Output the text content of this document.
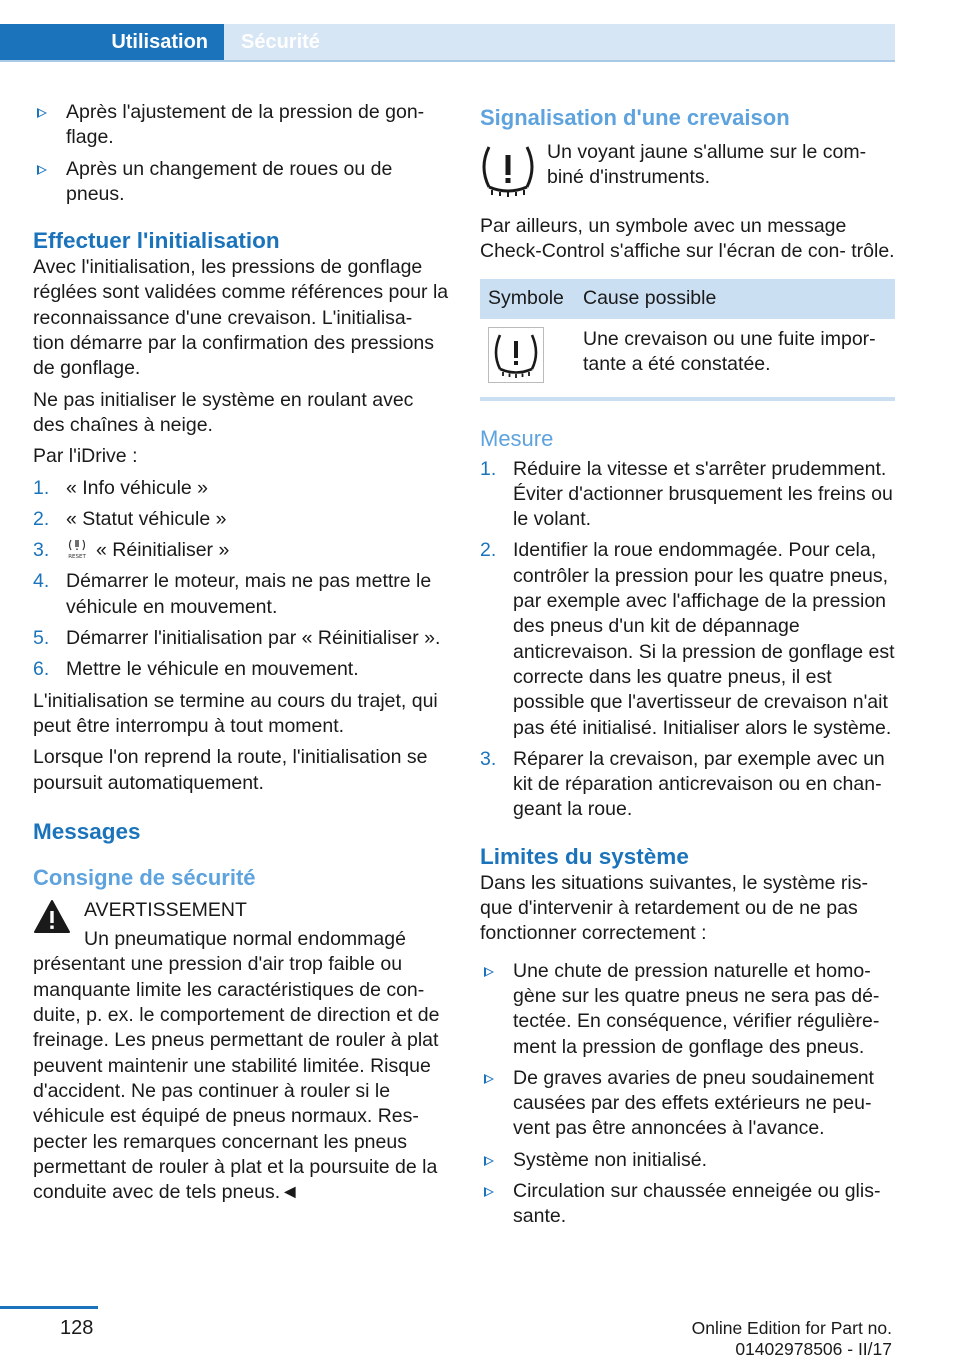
Utilisation Sécurité
Après l'ajustement de la pression de gon‐ flage.
Après un changement de roues ou de pneus.
Effectuer l'initialisation

Avec l'initialisation, les pressions de gonflage réglées sont validées comme références pour la reconnaissance d'une crevaison. L'initialisa‐ tion démarre par la confirmation des pressions de gonflage.

Ne pas initialiser le système en roulant avec des chaînes à neige.

Par l'iDrive :

1. « Info véhicule »
2. « Statut véhicule »
3.	RESET « Réinitialiser »
4. Démarrer le moteur, mais ne pas mettre le véhicule en mouvement.
5. Démarrer l'initialisation par « Réinitialiser ».
6. Mettre le véhicule en mouvement.

L'initialisation se termine au cours du trajet, qui peut être interrompu à tout moment.

Lorsque l'on reprend la route, l'initialisation se poursuit automatiquement.

Messages
Consigne de sécurité
AVERTISSEMENT
Un pneumatique normal endommagé présentant une pression d'air trop faible ou manquante limite les caractéristiques de con‐ duite, p. ex. le comportement de direction et de freinage. Les pneus permettant de rouler à plat peuvent maintenir une stabilité limitée. Risque d'accident. Ne pas continuer à rouler si le véhicule est équipé de pneus normaux. Res‐ pecter les remarques concernant les pneus permettant de rouler à plat et la poursuite de la conduite avec de tels pneus.◄
Signalisation d'une crevaison
Un voyant jaune s'allume sur le com‐ biné d'instruments.

Par ailleurs, un symbole avec un message Check-Control s'affiche sur l'écran de con‐ trôle.

Symbole	Cause possible

	Une crevaison ou une fuite impor‐ tante a été constatée.
Mesure
1. Réduire la vitesse et s'arrêter prudemment. Éviter d'actionner brusquement les freins ou le volant.
2. Identifier la roue endommagée. Pour cela, contrôler la pression pour les quatre pneus, par exemple avec l'affichage de la pression des pneus d'un kit de dépannage anticrevaison. Si la pression de gonflage est correcte dans les quatre pneus, il est possible que l'avertisseur de crevaison n'ait pas été initialisé. Initialiser alors le système.
3. Réparer la crevaison, par exemple avec un kit de réparation anticrevaison ou en chan‐ geant la roue.
Limites du système

Dans les situations suivantes, le système ris‐ que d'intervenir à retardement ou de ne pas fonctionner correctement :

Une chute de pression naturelle et homo‐ gène sur les quatre pneus ne sera pas dé‐ tectée. En conséquence, vérifier régulière‐ ment la pression de gonflage des pneus.
De graves avaries de pneu soudainement causées par des effets extérieurs ne peu‐ vent pas être annoncées à l'avance.
Système non initialisé.
Circulation sur chaussée enneigée ou glis‐ sante.
128	Online Edition for Part no. 01402978506 - II/17
